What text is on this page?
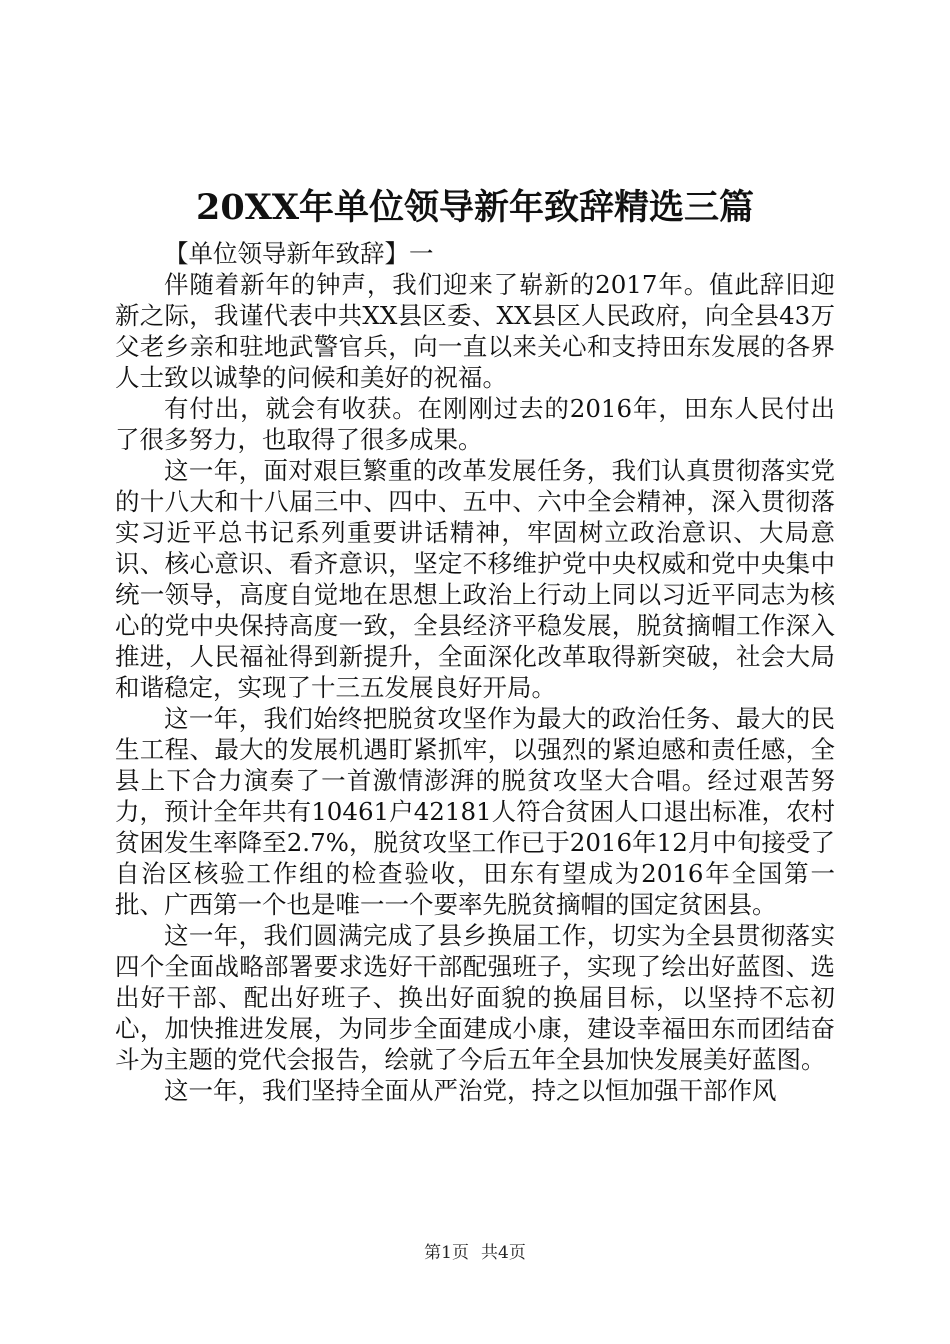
20XX年单位领导新年致辞精选三篇

【单位领导新年致辞】一

伴随着新年的钟声，我们迎来了崭新的2017年。值此辞旧迎新之际，我谨代表中共XX县区委、XX县区人民政府，向全县43万父老乡亲和驻地武警官兵，向一直以来关心和支持田东发展的各界人士致以诚挚的问候和美好的祝福。

有付出，就会有收获。在刚刚过去的2016年，田东人民付出了很多努力，也取得了很多成果。

这一年，面对艰巨繁重的改革发展任务，我们认真贯彻落实党的十八大和十八届三中、四中、五中、六中全会精神，深入贯彻落实习近平总书记系列重要讲话精神，牢固树立政治意识、大局意识、核心意识、看齐意识，坚定不移维护党中央权威和党中央集中统一领导，高度自觉地在思想上政治上行动上同以习近平同志为核心的党中央保持高度一致，全县经济平稳发展，脱贫摘帽工作深入推进，人民福祉得到新提升，全面深化改革取得新突破，社会大局和谐稳定，实现了十三五发展良好开局。

这一年，我们始终把脱贫攻坚作为最大的政治任务、最大的民生工程、最大的发展机遇盯紧抓牢，以强烈的紧迫感和责任感，全县上下合力演奏了一首激情澎湃的脱贫攻坚大合唱。经过艰苦努力，预计全年共有10461户42181人符合贫困人口退出标准，农村贫困发生率降至2.7%，脱贫攻坚工作已于2016年12月中旬接受了自治区核验工作组的检查验收，田东有望成为2016年全国第一批、广西第一个也是唯一一个要率先脱贫摘帽的国定贫困县。

这一年，我们圆满完成了县乡换届工作，切实为全县贯彻落实四个全面战略部署要求选好干部配强班子，实现了绘出好蓝图、选出好干部、配出好班子、换出好面貌的换届目标，以坚持不忘初心，加快推进发展，为同步全面建成小康，建设幸福田东而团结奋斗为主题的党代会报告，绘就了今后五年全县加快发展美好蓝图。

这一年，我们坚持全面从严治党，持之以恒加强干部作风

第1页 共4页
